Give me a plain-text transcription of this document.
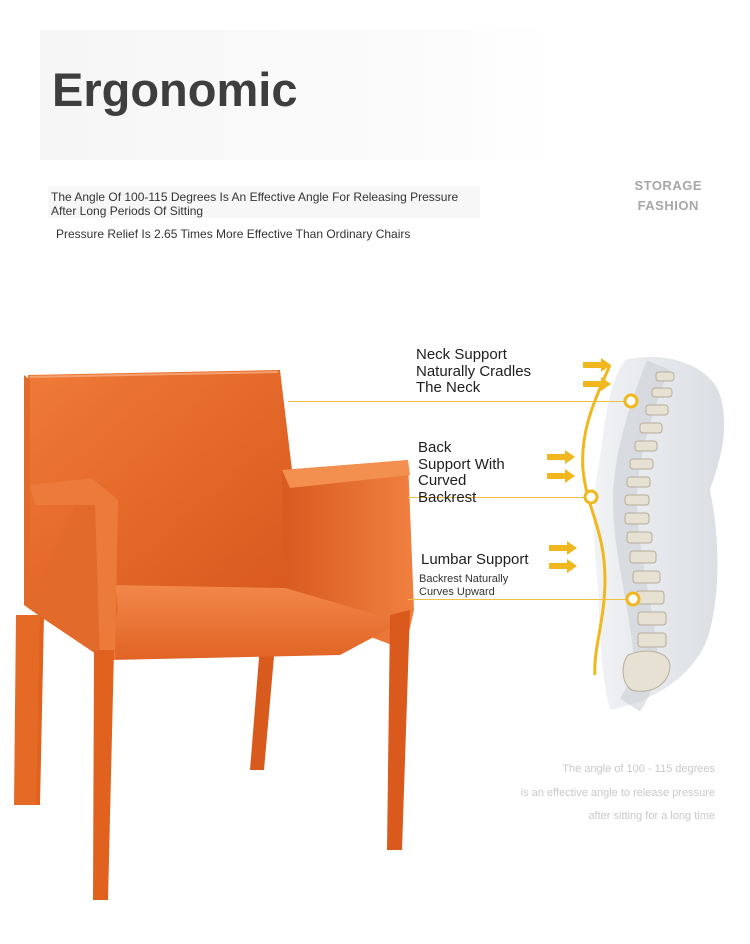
Ergonomic
The Angle Of 100-115 Degrees Is An Effective Angle For Releasing Pressure
After Long Periods Of Sitting
Pressure Relief Is 2.65 Times More Effective Than Ordinary Chairs
STORAGE
FASHION
Neck Support
Naturally Cradles
The Neck
Back
Support With
Curved
Backrest
Lumbar Support
Backrest Naturally
Curves Upward
The angle of 100 - 115 degrees
is an effective angle to release pressure
after sitting for a long time
